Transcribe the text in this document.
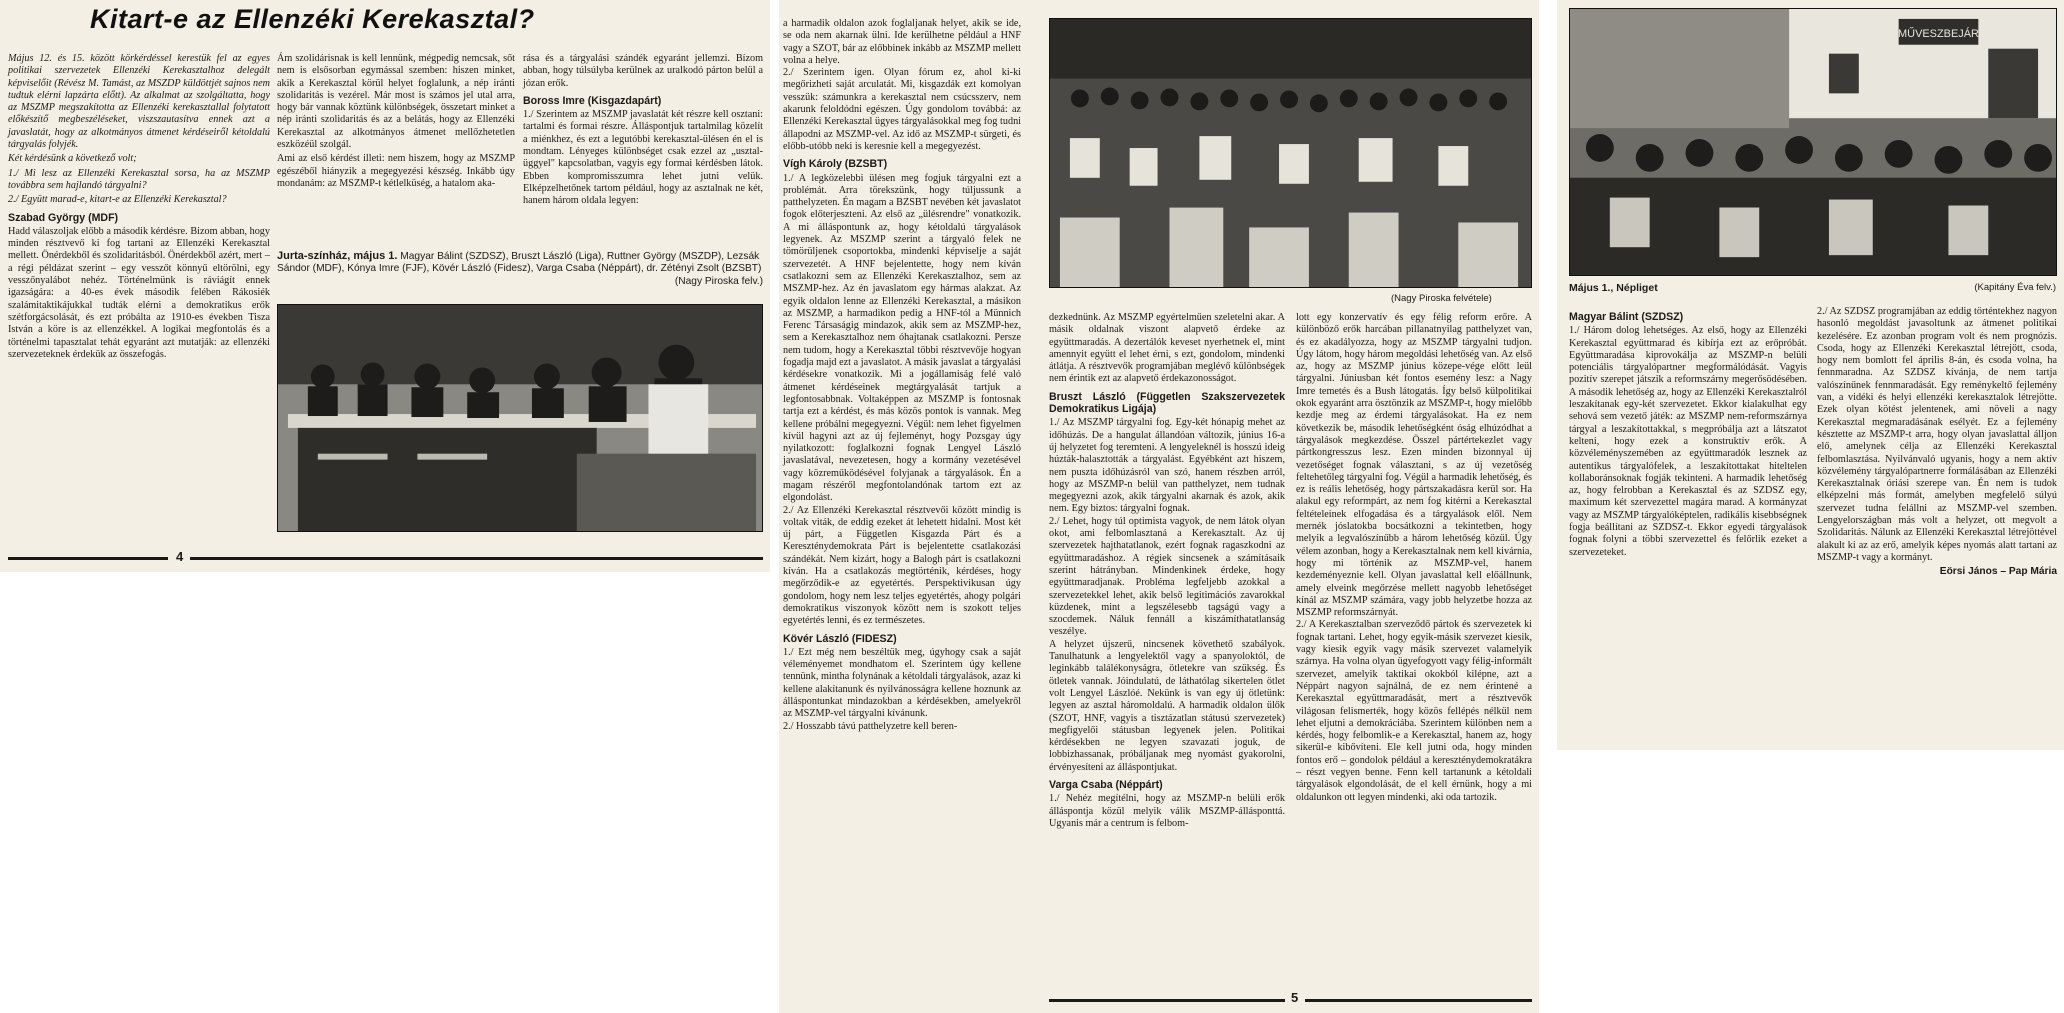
Kitart-e az Ellenzéki Kerekasztal?

Május 12. és 15. között körkérdéssel kerestük fel az egyes politikai szervezetek Ellenzéki Kerekasztalhoz delegált képviselőit (Révész M. Tamást, az MSZDP küldöttjét sajnos nem tudtuk elérni lapzárta előtt). Az alkalmat az szolgáltatta, hogy az MSZMP megszakította az Ellenzéki kerekasztallal folytatott előkészítő megbeszéléseket, viszszautasítva ennek azt a javaslatát, hogy az alkotmányos átmenet kérdéseiről kétoldalú tárgyalás folyjék.

Két kérdésünk a következő volt;

1./ Mi lesz az Ellenzéki Kerekasztal sorsa, ha az MSZMP továbbra sem hajlandó tárgyalni?

2./ Együtt marad-e, kitart-e az Ellenzéki Kerekasztal?

Szabad György (MDF)

Hadd válaszoljak előbb a második kérdésre. Bizom abban, hogy minden résztvevő ki fog tartani az Ellenzéki Kerekasztal mellett. Önérdekből és szolidaritásból. Önérdekből azért, mert – a régi példázat szerint – egy vesszőt könnyű eltörölni, egy vesszőnyalábot nehéz. Történelmünk is ráviágít ennek igazságára: a 40-es évek második felében Rákosiék szalámitaktikájukkal tudták elérni a demokratikus erők szétforgácsolását, és ezt próbálta az 1910-es években Tisza István a köre is az ellenzékkel. A logikai megfontolás és a történelmi tapasztalat tehát egyaránt azt mutatják: az ellenzéki szervezeteknek érdekük az összefogás.

Ám szolidárisnak is kell lennünk, mégpedig nemcsak, sőt nem is elsősorban egymással szemben: hiszen minket, akik a Kerekasztal körül helyet foglalunk, a nép iránti szolidaritás is vezérel. Már most is számos jel utal arra, hogy bár vannak köztünk különbségek, összetart minket a nép iránti szolidaritás és az a belátás, hogy az Ellenzéki Kerekasztal az alkotmányos átmenet mellőzhetetlen eszközéül szolgál.

Ami az első kérdést illeti: nem hiszem, hogy az MSZMP egészéből hiányzik a megegyezési készség. Inkább úgy mondanám: az MSZMP-t kétlelküség, a hatalom aka-

rása és a tárgyalási szándék egyaránt jellemzi. Bízom abban, hogy túlsúlyba kerülnek az uralkodó párton belül a józan erők.

Boross Imre (Kisgazdapárt)

1./ Szerintem az MSZMP javaslatát két részre kell osztani: tartalmi és formai részre. Álláspontjuk tartalmilag közelít a miénkhez, és ezt a legutóbbi kerekasztal-ülésen én el is mondtam. Lényeges különbséget csak ezzel az „usztal-üggyel" kapcsolatban, vagyis egy formai kérdésben látok. Ebben kompromisszumra lehet jutni velük. Elképzelhetőnek tartom például, hogy az asztalnak ne két, hanem három oldala legyen:

Jurta-színház, május 1. Magyar Bálint (SZDSZ), Bruszt László (Liga), Ruttner György (MSZDP), Lezsák Sándor (MDF), Kónya Imre (FJF), Kövér László (Fidesz), Varga Csaba (Néppárt), dr. Zétényi Zsolt (BZSBT)
(Nagy Piroska felv.)
4

a harmadik oldalon azok foglaljanak helyet, akik se ide, se oda nem akarnak ülni. Ide kerülhetne például a HNF vagy a SZOT, bár az előbbinek inkább az MSZMP mellett volna a helye.
2./ Szerintem igen. Olyan fórum ez, ahol ki-ki megőrizheti saját arculatát. Mi, kisgazdák ezt komolyan vesszük: számunkra a kerekasztal nem csúcsszerv, nem akarunk feloldódni egészen. Úgy gondolom továbbá: az Ellenzéki Kerekasztal ügyes tárgyalásokkal meg fog tudni állapodni az MSZMP-vel. Az idő az MSZMP-t sürgeti, és előbb-utóbb neki is keresnie kell a megegyezést.

Vígh Károly (BZSBT)

1./ A legközelebbi ülésen meg fogjuk tárgyalni ezt a problémát. Arra törekszünk, hogy túljussunk a patthelyzeten. Én magam a BZSBT nevében két javaslatot fogok előterjeszteni. Az első az „ülésrendre" vonatkozik. A mi álláspontunk az, hogy kétoldalú tárgyalások legyenek. Az MSZMP szerint a tárgyaló felek ne tömörüljenek csoportokba, mindenki képviselje a saját szervezetét. A HNF bejelentette, hogy nem kíván csatlakozni sem az Ellenzéki Kerekasztalhoz, sem az MSZMP-hez. Az én javaslatom egy hármas alakzat. Az egyik oldalon lenne az Ellenzéki Kerekasztal, a másikon az MSZMP, a harmadikon pedig a HNF-tól a Münnich Ferenc Társaságig mindazok, akik sem az MSZMP-hez, sem a Kerekasztalhoz nem óhajtanak csatlakozni. Persze nem tudom, hogy a Kerekasztal többi résztvevője hogyan fogadja majd ezt a javaslatot. A másik javaslat a tárgyalási kérdésekre vonatkozik. Mi a jogállamiság felé való átmenet kérdéseinek megtárgyalását tartjuk a legfontosabbnak. Voltaképpen az MSZMP is fontosnak tartja ezt a kérdést, és más közös pontok is vannak. Meg kellene próbálni megegyezni. Végül: nem lehet figyelmen kívül hagyni azt az új fejleményt, hogy Pozsgay úgy nyilatkozott: foglalkozni fognak Lengyel László javaslatával, nevezetesen, hogy a kormány vezetésével vagy közreműködésével folyjanak a tárgyalások. Én a magam részéről megfontolandónak tartom ezt az elgondolást.
2./ Az Ellenzéki Kerekasztal résztvevői között mindig is voltak viták, de eddig ezeket át lehetett hidalni. Most két új párt, a Független Kisgazda Párt és a Kereszténydemokrata Párt is bejelentette csatlakozási szándékát. Nem kizárt, hogy a Balogh párt is csatlakozni kíván. Ha a csatlakozás megtörténik, kérdéses, hogy megőrződik-e az egyetértés. Perspektivikusan úgy gondolom, hogy nem lesz teljes egyetértés, ahogy polgári demokratikus viszonyok között nem is szokott teljes egyetértés lenni, és ez természetes.

Kövér László (FIDESZ)

1./ Ezt még nem beszéltük meg, úgyhogy csak a saját véleményemet mondhatom el. Szerintem úgy kellene tennünk, mintha folynának a kétoldali tárgyalások, azaz ki kellene alakítanunk és nyilvánosságra kellene hoznunk az álláspontunkat mindazokban a kérdésekben, amelyekről az MSZMP-vel tárgyalni kívánunk.
2./ Hosszabb távú patthelyzetre kell beren-

(Nagy Piroska felvétele)

dezkednünk. Az MSZMP egyértelműen szeletelni akar. A másik oldalnak viszont alapvető érdeke az együttmaradás. A dezertálók keveset nyerhetnek el, mint amennyit együtt el lehet érni, s ezt, gondolom, mindenki átlátja. A résztvevők programjában meglévő különbségek nem érintik ezt az alapvető érdekazonosságot.

Bruszt László (Független Szakszervezetek Demokratikus Ligája)

1./ Az MSZMP tárgyalni fog. Egy-két hónapig mehet az időhúzás. De a hangulat állandóan változik, június 16-a új helyzetet fog teremteni. A lengyeleknél is hosszú ideig húzták-halasztották a tárgyalást. Egyébként azt hiszem, nem puszta időhúzásról van szó, hanem részben arról, hogy az MSZMP-n belül van patthelyzet, nem tudnak megegyezni azok, akik tárgyalni akarnak és azok, akik nem. Egy biztos: tárgyalni fognak.
2./ Lehet, hogy túl optimista vagyok, de nem látok olyan okot, ami felbomlasztaná a Kerekasztalt. Az új szervezetek hajthatatlanok, ezért fognak ragaszkodni az együttmaradáshoz. A régiek sincsenek a számításaik szerint hátrányban. Mindenkinek érdeke, hogy együttmaradjanak. Probléma legfeljebb azokkal a szervezetekkel lehet, akik belső legitimációs zavarokkal küzdenek, mint a legszélesebb tagságú vagy a szocdemek. Náluk fennáll a kiszámíthatatlanság veszélye.
A helyzet újszerű, nincsenek követhető szabályok. Tanulhatunk a lengyelektől vagy a spanyoloktól, de leginkább találékonyságra, ötletekre van szükség. És ötletek vannak. Jóindulatú, de láthatólag sikertelen ötlet volt Lengyel Lászlóé. Nekünk is van egy új ötletünk: legyen az asztal háromoldalú. A harmadik oldalon ülők (SZOT, HNF, vagyis a tisztázatlan státusú szervezetek) megfigyelői státusban legyenek jelen. Politikai kérdésekben ne legyen szavazati joguk, de lobbizhassanak, próbáljanak meg nyomást gyakorolni, érvényesíteni az álláspontjukat.

Varga Csaba (Néppárt)

1./ Nehéz megítélni, hogy az MSZMP-n belüli erők álláspontja közül melyik válik MSZMP-állásponttá. Ugyanis már a centrum is felbom-

lott egy konzervatív és egy félig reform erőre. A különböző erők harcában pillanatnyilag patthelyzet van, és ez akadályozza, hogy az MSZMP tárgyalni tudjon. Úgy látom, hogy három megoldási lehetőség van. Az első az, hogy az MSZMP június közepe-vége előtt leül tárgyalni. Júniusban két fontos esemény lesz: a Nagy Imre temetés és a Bush látogatás. Így belső külpolitikai okok egyaránt arra ösztönzik az MSZMP-t, hogy mielőbb kezdje meg az érdemi tárgyalásokat. Ha ez nem következik be, második lehetőségként óság elhúzódhat a tárgyalások megkezdése. Összel pártértekezlet vagy pártkongresszus lesz. Ezen minden bizonnyal új vezetőséget fognak választani, s az új vezetőség feltehetőleg tárgyalni fog. Végül a harmadik lehetőség, és ez is reális lehetőség, hogy pártszakadásra kerül sor. Ha alakul egy reformpárt, az nem fog kitérni a Kerekasztal feltételeinek elfogadása és a tárgyalások elől. Nem mernék jóslatokba bocsátkozni a tekintetben, hogy melyik a legvalószínűbb a három lehetőség közül. Úgy vélem azonban, hogy a Kerekasztalnak nem kell kivárnia, hogy mi történik az MSZMP-vel, hanem kezdeményeznie kell. Olyan javaslattal kell előállnunk, amely elveink megőrzése mellett nagyobb lehetőséget kínál az MSZMP számára, vagy jobb helyzetbe hozza az MSZMP reformszárnyát.
2./ A Kerekasztalban szerveződő pártok és szervezetek ki fognak tartani. Lehet, hogy egyik-másik szervezet kiesik, vagy kiesik egyik vagy másik szervezet valamelyik szárnya. Ha volna olyan ügyefogyott vagy félig-informált szervezet, amelyik taktikai okokból kilépne, azt a Néppárt nagyon sajnálná, de ez nem érintené a Kerekasztal együttmaradását, mert a résztvevők világosan felismerték, hogy közös fellépés nélkül nem lehet eljutni a demokráciába. Szerintem különben nem a kérdés, hogy felbomlik-e a Kerekasztal, hanem az, hogy sikerül-e kibővíteni. Ele kell jutni oda, hogy minden fontos erő – gondolok például a kereszténydemokratákra – részt vegyen benne. Fenn kell tartanunk a kétoldali tárgyalások elgondolását, de el kell érnünk, hogy a mi oldalunkon ott legyen mindenki, aki oda tartozik.

5
MŰVESZBEJÁR
Május 1., Népliget	(Kapitány Éva felv.)
Magyar Bálint (SZDSZ)

1./ Három dolog lehetséges. Az első, hogy az Ellenzéki Kerekasztal együttmarad és kibírja ezt az erőpróbát. Együttmaradása kiprovokálja az MSZMP-n belüli potenciális tárgyalópartner megformálódását. Vagyis pozitív szerepet játszik a reformszárny megerősödésében. A második lehetőség az, hogy az Ellenzéki Kerekasztalról leszakítanak egy-két szervezetet. Ekkor kialakulhat egy sehová sem vezető játék: az MSZMP nem-reformszárnya tárgyal a leszakítottakkal, s megpróbálja azt a látszatot kelteni, hogy ezek a konstruktív erők. A közvéleményszemében az együttmaradók lesznek az autentikus tárgyalófelek, a leszakítottakat hiteltelen kollaboránsoknak fogják tekinteni. A harmadik lehetőség az, hogy felrobban a Kerekasztal és az SZDSZ egy, maximum két szervezettel magára marad. A kormányzat vagy az MSZMP tárgyalóképtelen, radikális kisebbségnek fogja beállítani az SZDSZ-t. Ekkor egyedi tárgyalások fognak folyni a többi szervezettel és felőrlik ezeket a szervezeteket.

2./ Az SZDSZ programjában az eddig történtekhez nagyon hasonló megoldást javasoltunk az átmenet politikai kezelésére. Ez azonban program volt és nem prognózis. Csoda, hogy az Ellenzéki Kerekasztal létrejött, csoda, hogy nem bomlott fel április 8-án, és csoda volna, ha fennmaradna. Az SZDSZ kívánja, de nem tartja valószínűnek fennmaradását. Egy reménykeltő fejlemény van, a vidéki és helyi ellenzéki kerekasztalok létrejötte. Ezek olyan kötést jelentenek, ami növeli a nagy Kerekasztal megmaradásának esélyét. Ez a fejlemény késztette az MSZMP-t arra, hogy olyan javaslattal álljon elő, amelynek célja az Ellenzéki Kerekasztal felbomlasztása. Nyilvánvaló ugyanis, hogy a nem aktív közvélemény tárgyalópartnerre formálásában az Ellenzéki Kerekasztalnak óriási szerepe van. Én nem is tudok elképzelni más formát, amelyben megfelelő súlyú szervezet tudna felállni az MSZMP-vel szemben. Lengyelországban más volt a helyzet, ott megvolt a Szolidaritás. Nálunk az Ellenzéki Kerekasztal létrejöttével alakult ki az az erő, amelyik képes nyomás alatt tartani az MSZMP-t vagy a kormányt.

Eörsi János – Pap Mária
